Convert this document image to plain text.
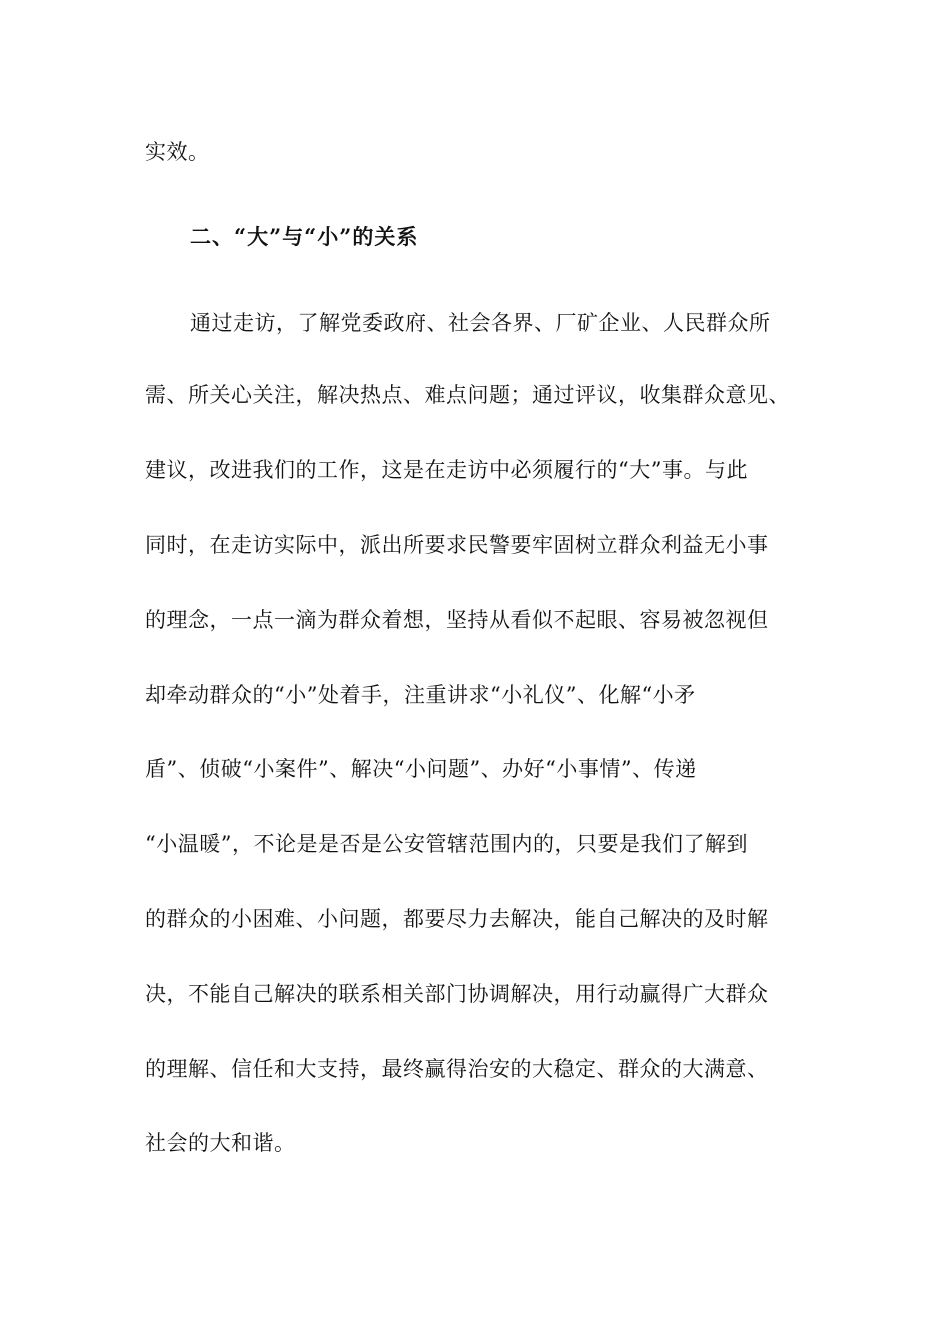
实效。
二、“大”与“小”的关系
通过走访，了解党委政府、社会各界、厂矿企业、人民群众所
需、所关心关注，解决热点、难点问题；通过评议，收集群众意见、
建议，改进我们的工作，这是在走访中必须履行的“大”事。与此
同时，在走访实际中，派出所要求民警要牢固树立群众利益无小事
的理念，一点一滴为群众着想，坚持从看似不起眼、容易被忽视但
却牵动群众的“小”处着手，注重讲求“小礼仪”、化解“小矛
盾”、侦破“小案件”、解决“小问题”、办好“小事情”、传递
“小温暖”，不论是是否是公安管辖范围内的，只要是我们了解到
的群众的小困难、小问题，都要尽力去解决，能自己解决的及时解
决，不能自己解决的联系相关部门协调解决，用行动赢得广大群众
的理解、信任和大支持，最终赢得治安的大稳定、群众的大满意、
社会的大和谐。
